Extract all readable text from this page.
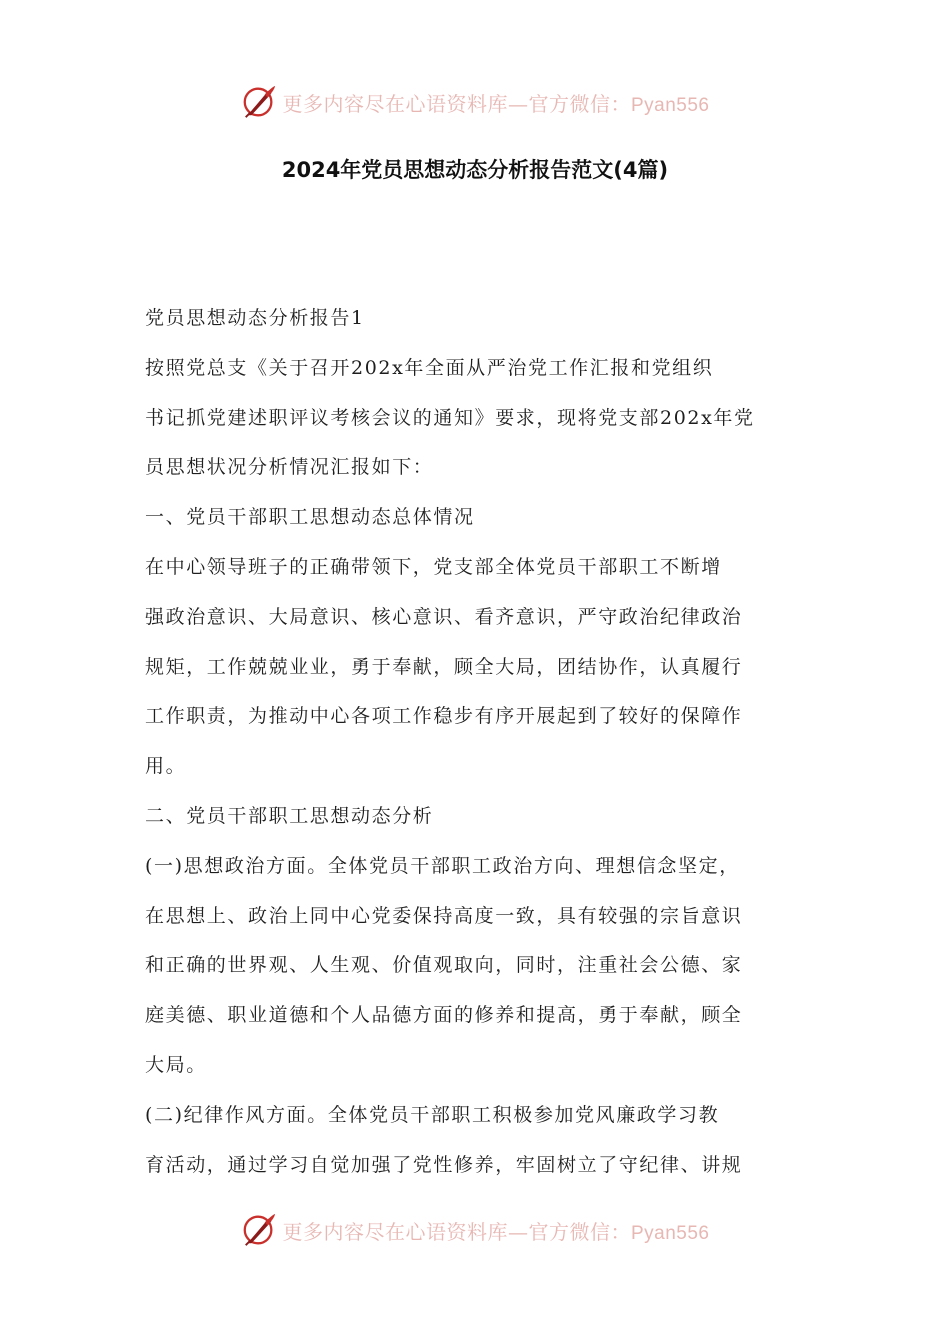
更多内容尽在心语资料库—官方微信：Pyan556
2024年党员思想动态分析报告范文(4篇)
党员思想动态分析报告1
按照党总支《关于召开202x年全面从严治党工作汇报和党组织
书记抓党建述职评议考核会议的通知》要求，现将党支部202x年党
员思想状况分析情况汇报如下：
一、党员干部职工思想动态总体情况
在中心领导班子的正确带领下，党支部全体党员干部职工不断增
强政治意识、大局意识、核心意识、看齐意识，严守政治纪律政治
规矩，工作兢兢业业，勇于奉献，顾全大局，团结协作，认真履行
工作职责，为推动中心各项工作稳步有序开展起到了较好的保障作
用。
二、党员干部职工思想动态分析
(一)思想政治方面。全体党员干部职工政治方向、理想信念坚定，
在思想上、政治上同中心党委保持高度一致，具有较强的宗旨意识
和正确的世界观、人生观、价值观取向，同时，注重社会公德、家
庭美德、职业道德和个人品德方面的修养和提高，勇于奉献，顾全
大局。
(二)纪律作风方面。全体党员干部职工积极参加党风廉政学习教
育活动，通过学习自觉加强了党性修养，牢固树立了守纪律、讲规
更多内容尽在心语资料库—官方微信：Pyan556
